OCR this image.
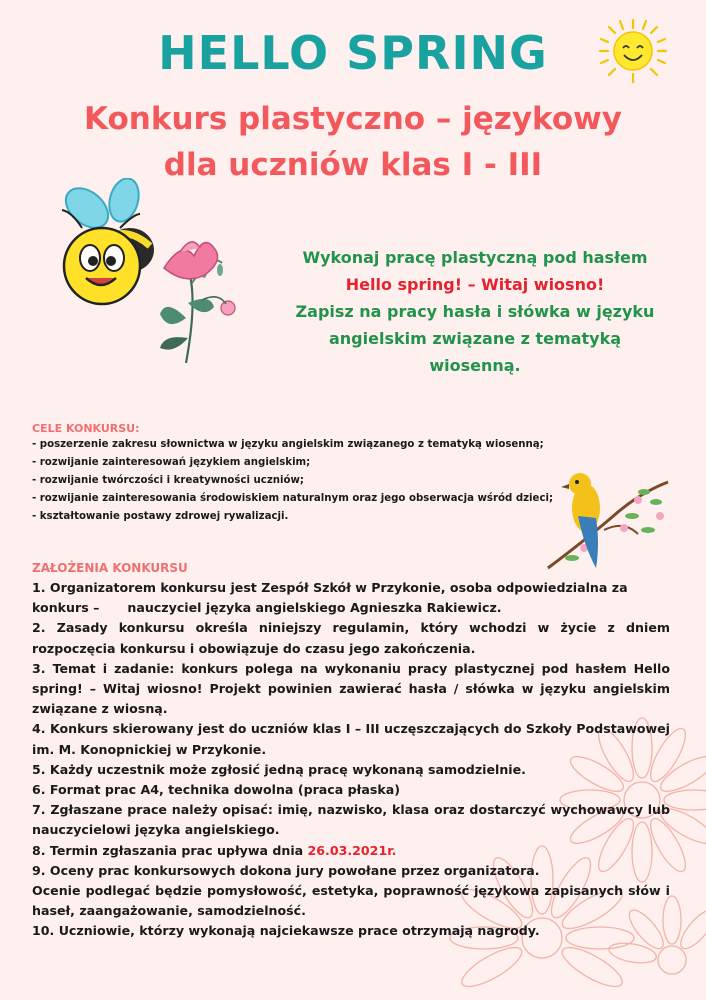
HELLO SPRING
Konkurs plastyczno – językowy
dla uczniów klas I - III
Wykonaj pracę plastyczną pod hasłem
Hello spring! – Witaj wiosno!
Zapisz na pracy hasła i słówka w języku
angielskim związane z tematyką
wiosenną.
CELE KONKURSU:
- poszerzenie zakresu słownictwa w języku angielskim związanego z tematyką wiosenną;
- rozwijanie zainteresowań językiem angielskim;
- rozwijanie twórczości i kreatywności uczniów;
- rozwijanie zainteresowania środowiskiem naturalnym oraz jego obserwacja wśród dzieci;
- kształtowanie postawy zdrowej rywalizacji.
ZAŁOŻENIA KONKURSU
1. Organizatorem konkursu jest Zespół Szkół w Przykonie, osoba odpowiedzialna za
konkurs – nauczyciel języka angielskiego Agnieszka Rakiewicz.
2. Zasady konkursu określa niniejszy regulamin, który wchodzi w życie z dniem rozpoczęcia konkursu i obowiązuje do czasu jego zakończenia.
3. Temat i zadanie: konkurs polega na wykonaniu pracy plastycznej pod hasłem Hello spring! – Witaj wiosno! Projekt powinien zawierać hasła / słówka w języku angielskim związane z wiosną.
4. Konkurs skierowany jest do uczniów klas I – III uczęszczających do Szkoły Podstawowej im. M. Konopnickiej w Przykonie.
5. Każdy uczestnik może zgłosić jedną pracę wykonaną samodzielnie.
6. Format prac A4, technika dowolna (praca płaska)
7. Zgłaszane prace należy opisać: imię, nazwisko, klasa oraz dostarczyć wychowawcy lub nauczycielowi języka angielskiego.
8. Termin zgłaszania prac upływa dnia 26.03.2021r.
9. Oceny prac konkursowych dokona jury powołane przez organizatora.
Ocenie podlegać będzie pomysłowość, estetyka, poprawność językowa zapisanych słów i haseł, zaangażowanie, samodzielność.
10. Uczniowie, którzy wykonają najciekawsze prace otrzymają nagrody.
